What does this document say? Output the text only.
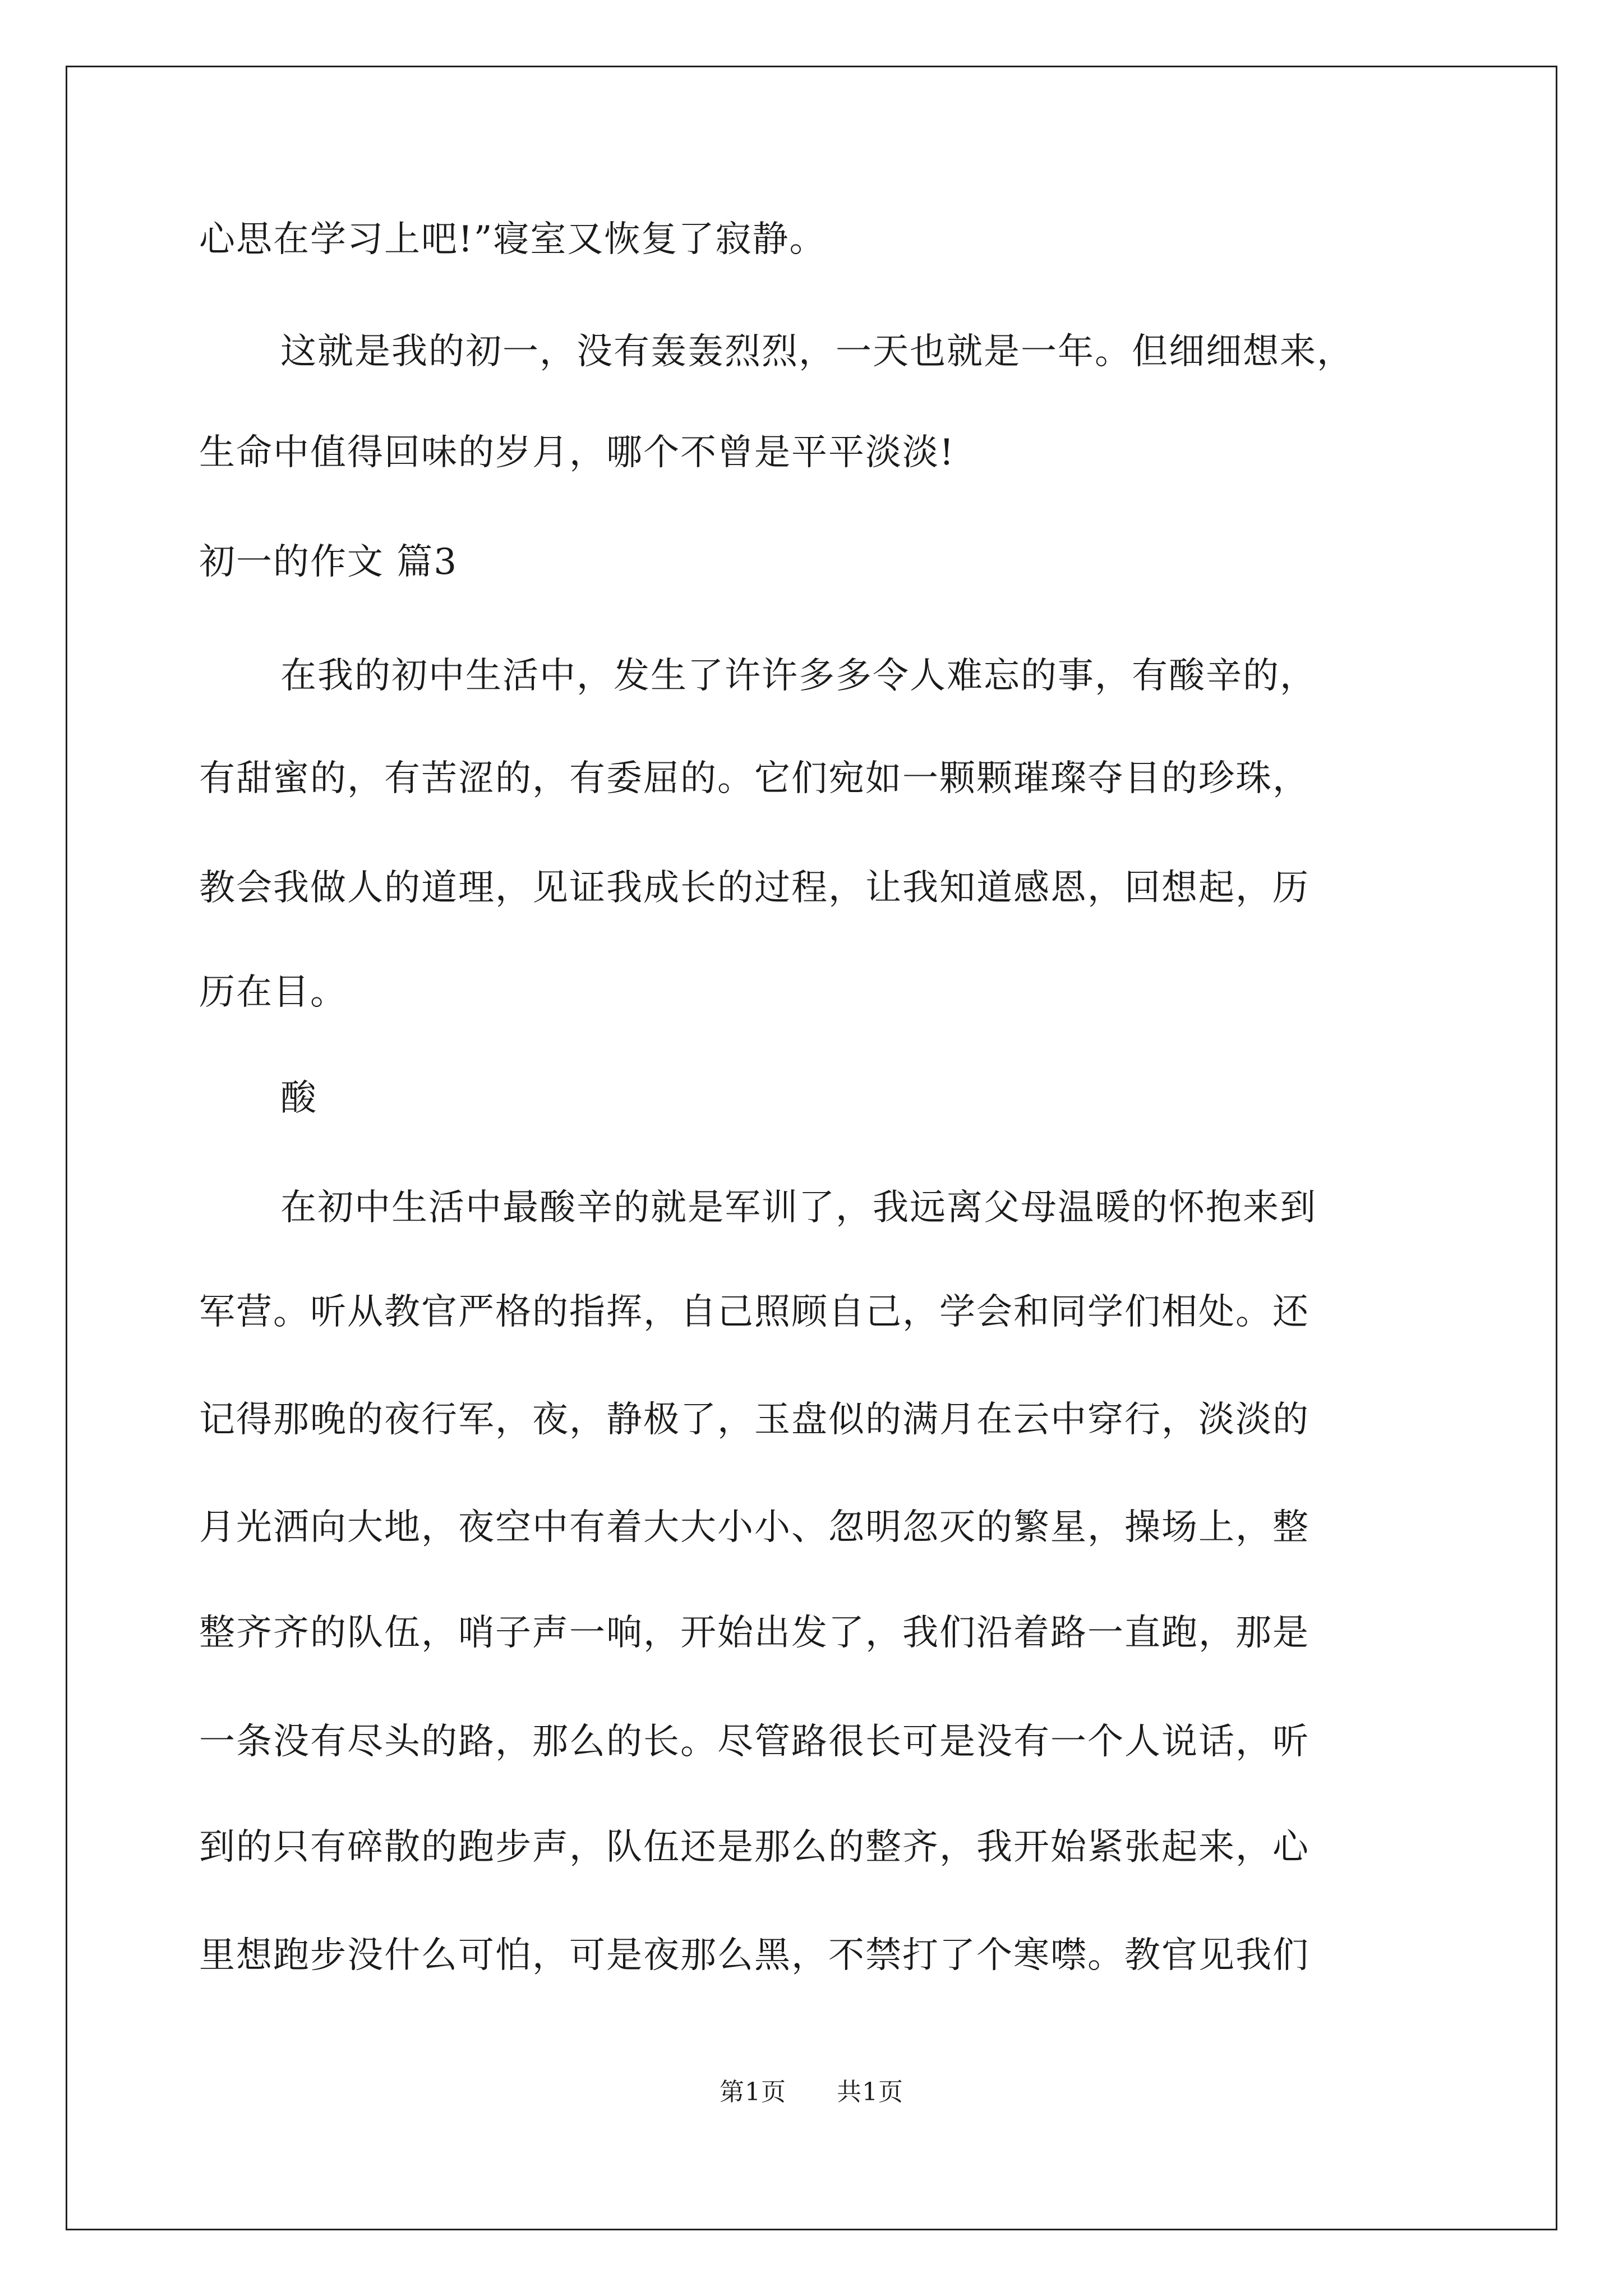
心思在学习上吧!”寝室又恢复了寂静。
这就是我的初一，没有轰轰烈烈，一天也就是一年。但细细想来，
生命中值得回味的岁月，哪个不曾是平平淡淡!
初一的作文 篇3
在我的初中生活中，发生了许许多多令人难忘的事，有酸辛的，
有甜蜜的，有苦涩的，有委屈的。它们宛如一颗颗璀璨夺目的珍珠，
教会我做人的道理，见证我成长的过程，让我知道感恩，回想起，历
历在目。
酸
在初中生活中最酸辛的就是军训了，我远离父母温暖的怀抱来到
军营。听从教官严格的指挥，自己照顾自己，学会和同学们相处。还
记得那晚的夜行军，夜，静极了，玉盘似的满月在云中穿行，淡淡的
月光洒向大地，夜空中有着大大小小、忽明忽灭的繁星，操场上，整
整齐齐的队伍，哨子声一响，开始出发了，我们沿着路一直跑，那是
一条没有尽头的路，那么的长。尽管路很长可是没有一个人说话，听
到的只有碎散的跑步声，队伍还是那么的整齐，我开始紧张起来，心
里想跑步没什么可怕，可是夜那么黑，不禁打了个寒噤。教官见我们
第1页 共1页
